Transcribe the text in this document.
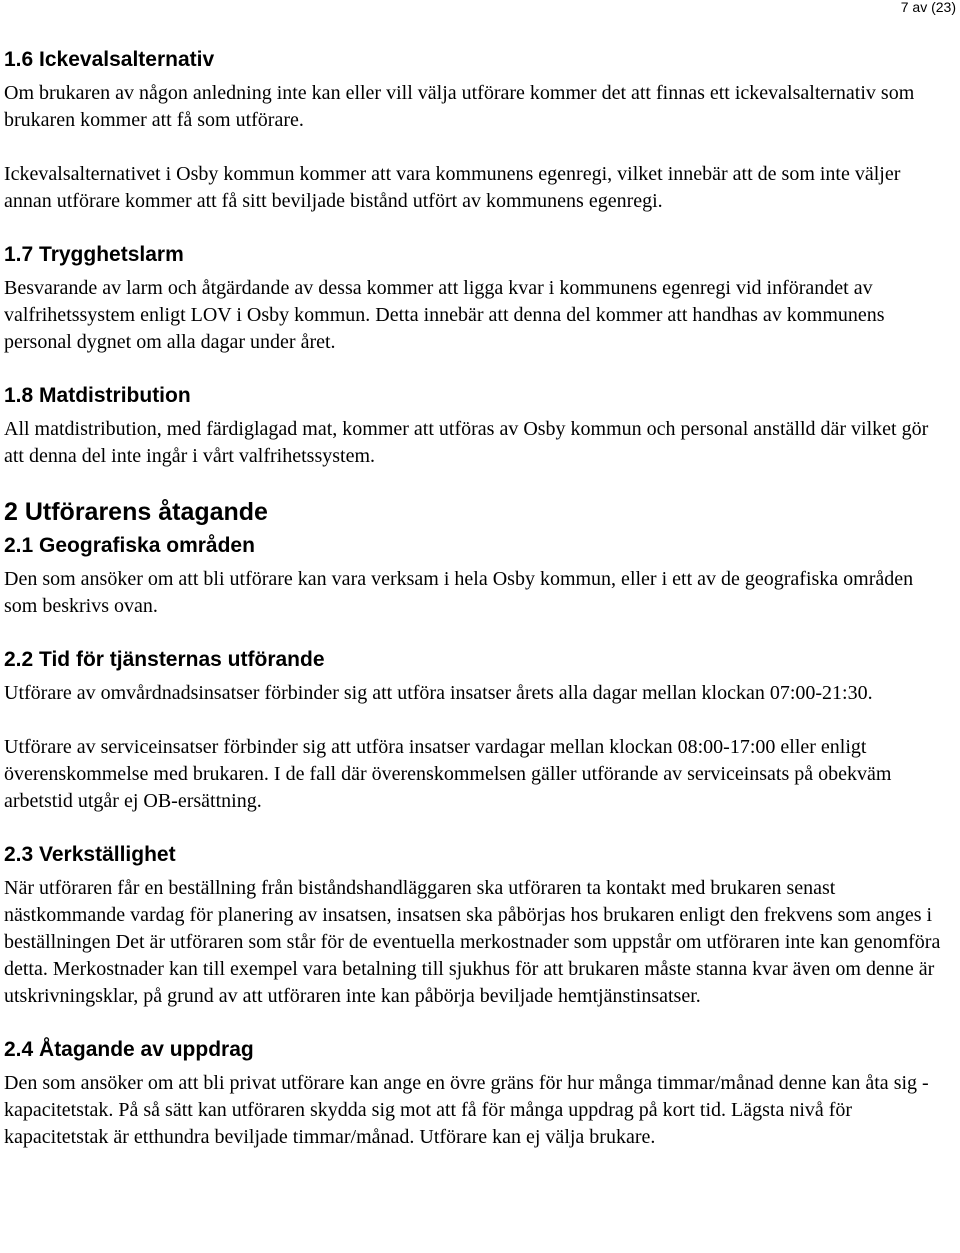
7 av (23)
1.6 Ickevalsalternativ

Om brukaren av någon anledning inte kan eller vill välja utförare kommer det att finnas ett ickevalsalternativ som brukaren kommer att få som utförare.

Ickevalsalternativet i Osby kommun kommer att vara kommunens egenregi, vilket innebär att de som inte väljer annan utförare kommer att få sitt beviljade bistånd utfört av kommunens egenregi.

1.7 Trygghetslarm

Besvarande av larm och åtgärdande av dessa kommer att ligga kvar i kommunens egenregi vid införandet av valfrihetssystem enligt LOV i Osby kommun. Detta innebär att denna del kommer att handhas av kommunens personal dygnet om alla dagar under året.

1.8 Matdistribution

All matdistribution, med färdiglagad mat, kommer att utföras av Osby kommun och personal anställd där vilket gör att denna del inte ingår i vårt valfrihetssystem.

2 Utförarens åtagande
2.1 Geografiska områden

Den som ansöker om att bli utförare kan vara verksam i hela Osby kommun, eller i ett av de geografiska områden som beskrivs ovan.

2.2 Tid för tjänsternas utförande

Utförare av omvårdnadsinsatser förbinder sig att utföra insatser årets alla dagar mellan klockan 07:00-21:30.

Utförare av serviceinsatser förbinder sig att utföra insatser vardagar mellan klockan 08:00-17:00 eller enligt överenskommelse med brukaren. I de fall där överenskommelsen gäller utförande av serviceinsats på obekväm arbetstid utgår ej OB-ersättning.

2.3 Verkställighet

När utföraren får en beställning från biståndshandläggaren ska utföraren ta kontakt med brukaren senast nästkommande vardag för planering av insatsen, insatsen ska påbörjas hos brukaren enligt den frekvens som anges i beställningen Det är utföraren som står för de eventuella merkostnader som uppstår om utföraren inte kan genomföra detta. Merkostnader kan till exempel vara betalning till sjukhus för att brukaren måste stanna kvar även om denne är utskrivningsklar, på grund av att utföraren inte kan påbörja beviljade hemtjänstinsatser.

2.4 Åtagande av uppdrag

Den som ansöker om att bli privat utförare kan ange en övre gräns för hur många timmar/månad denne kan åta sig - kapacitetstak. På så sätt kan utföraren skydda sig mot att få för många uppdrag på kort tid. Lägsta nivå för kapacitetstak är etthundra beviljade timmar/månad. Utförare kan ej välja brukare.
